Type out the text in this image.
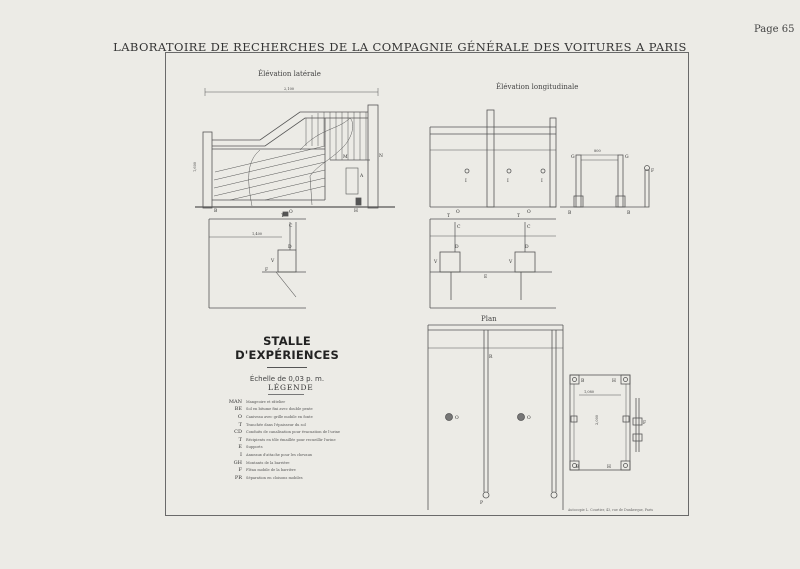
Page 65
LABORATOIRE DE RECHERCHES DE LA COMPAGNIE GÉNÉRALE DES VOITURES A PARIS
Élévation latérale
Élévation longitudinale
Plan
2,100
1,600
1,400
800
1,080
2,000
M	N
A
B	H
T
O
C
D
V
F
G	G
F
I	I	I
B	B
T
O
T
O
C	C
D	D
V	V
E
R
O	O
P
B	H
B	H
F
STALLE D'EXPÉRIENCES
Échelle de 0,03 p. m.
LÉGENDE
MAN	Mangeoire et râtelier
BE	Sol en bitume fini avec double pente
O	Caniveau avec grille mobile en fonte
T	Tranchée dans l'épaisseur du sol
CD	Conduits de canalisation pour évacuation de l'urine
T	Récipients en tôle émaillée pour recueillir l'urine
E	Supports
I	Anneaux d'attache pour les chevaux
GH	Montants de la barrière
F	Fléau mobile de la barrière
PR	Séparation en cloisons mobiles
Autocopie L. Courtier, 43, rue de Dunkerque, Paris
